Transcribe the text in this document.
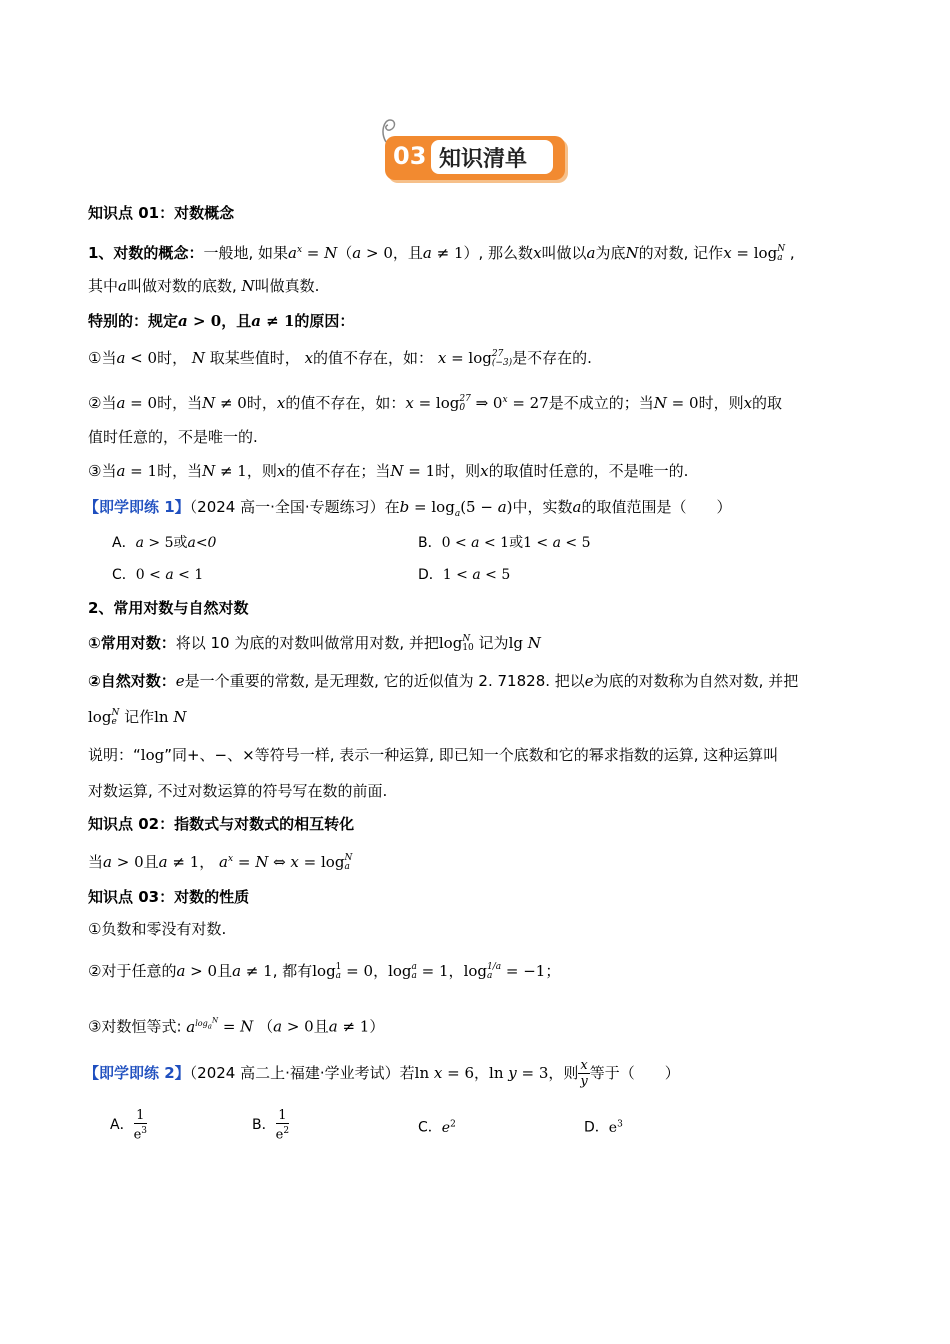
03 知识清单
知识点 01：对数概念
1、对数的概念：一般地, 如果$a^x = N(a > 0$，且a ≠ 1）, 那么数x叫做以a为底N的对数, 记作x = log N
a ,
其中a叫做对数的底数, N叫做真数.
特别的：规定a > 0，且a ≠ 1的原因：
①当a < 0时， N 取某些值时， x的值不存在，如： x = log 27
(−3) 是不存在的.
②当a = 0时，当N ≠ 0时，x的值不存在，如：x = log 27
0 ⇒ $0^x = 27$是不成立的；当N = 0时，则x的取
值时任意的，不是唯一的.
③当a = 1时，当N ≠ 1，则x的值不存在；当N = 1时，则x的取值时任意的，不是唯一的.
【即学即练 1】（2024 高一·全国·专题练习）在$b = \log_a(5 - a)$中，实数a的取值范围是（　　）
A．a > 5或a<0	B．0 < a < 1或1 < a < 5
C．0 < a < 1	D．1 < a < 5
2、常用对数与自然对数
①常用对数：将以 10 为底的对数叫做常用对数, 并把log N
10 记为lg N
②自然对数：e是一个重要的常数, 是无理数, 它的近似值为 2. 71828. 把以e为底的对数称为自然对数, 并把
log N
e 记作ln N
说明：“log”同+、−、×等符号一样, 表示一种运算, 即已知一个底数和它的幂求指数的运算, 这种运算叫
对数运算, 不过对数运算的符号写在数的前面.
知识点 02：指数式与对数式的相互转化
当a > 0且a ≠ 1， $a^x = N$ ⇔ x = log N
a
知识点 03：对数的性质
①负数和零没有对数.
②对于任意的a > 0且a ≠ 1, 都有log 1
a = 0，log a
a = 1，log 1/a
a = −1；
③对数恒等式: $a^{log_a^N} = N$ （a > 0且a ≠ 1）
【即学即练 2】（2024 高二上·福建·学业考试）若ln x = 6，ln y = 3，则 $\frac{x}{y}$ 等于（　　）
A． $\frac{1}{e^3}$	B． $\frac{1}{e^2}$	C．$e^2$	D．$e^3$
